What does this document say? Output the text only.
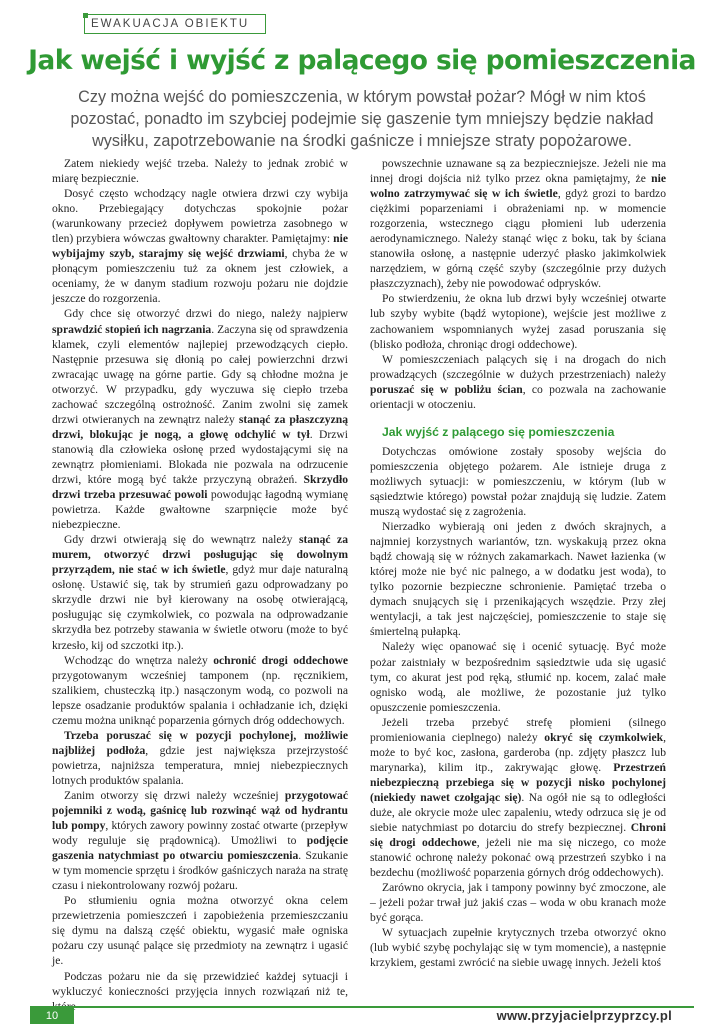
EWAKUACJA OBIEKTU
Jak wejść i wyjść z palącego się pomieszczenia

Czy można wejść do pomieszczenia, w którym powstał pożar? Mógł w nim ktoś pozostać, ponadto im szybciej podejmie się gaszenie tym mniejszy będzie nakład wysiłku, zapotrzebowanie na środki gaśnicze i mniejsze straty popożarowe.

Zatem niekiedy wejść trzeba. Należy to jednak zrobić w miarę bezpiecznie.

Dosyć często wchodzący nagle otwiera drzwi czy wybija okno. Przebiegający dotychczas spokojnie pożar (warunkowany przecież dopływem powietrza zasobnego w tlen) przybiera wówczas gwałtowny charakter. Pamiętajmy: nie wybijajmy szyb, starajmy się wejść drzwiami, chyba że w płonącym pomieszczeniu tuż za oknem jest człowiek, a oceniamy, że w danym stadium rozwoju pożaru nie dojdzie jeszcze do rozgorzenia.

Gdy chce się otworzyć drzwi do niego, należy najpierw sprawdzić stopień ich nagrzania. Zaczyna się od sprawdzenia klamek, czyli elementów najlepiej przewodzących ciepło. Następnie przesuwa się dłonią po całej powierzchni drzwi zwracając uwagę na górne partie. Gdy są chłodne można je otworzyć. W przypadku, gdy wyczuwa się ciepło trzeba zachować szczególną ostrożność. Zanim zwolni się zamek drzwi otwieranych na zewnątrz należy stanąć za płaszczyzną drzwi, blokując je nogą, a głowę odchylić w tył. Drzwi stanowią dla człowieka osłonę przed wydostającymi się na zewnątrz płomieniami. Blokada nie pozwala na odrzucenie drzwi, które mogą być także przyczyną obrażeń. Skrzydło drzwi trzeba przesuwać powoli powodując łagodną wymianę powietrza. Każde gwałtowne szarpnięcie może być niebezpieczne.

Gdy drzwi otwierają się do wewnątrz należy stanąć za murem, otworzyć drzwi posługując się dowolnym przyrządem, nie stać w ich świetle, gdyż mur daje naturalną osłonę. Ustawić się, tak by strumień gazu odprowadzany po skrzydle drzwi nie był kierowany na osobę otwierającą, posługując się czymkolwiek, co pozwala na odprowadzanie skrzydła bez potrzeby stawania w świetle otworu (może to być krzesło, kij od szczotki itp.).

Wchodząc do wnętrza należy ochronić drogi oddechowe przygotowanym wcześniej tamponem (np. ręcznikiem, szalikiem, chusteczką itp.) nasączonym wodą, co pozwoli na lepsze osadzanie produktów spalania i ochładzanie ich, dzięki czemu można uniknąć poparzenia górnych dróg oddechowych.

Trzeba poruszać się w pozycji pochylonej, możliwie najbliżej podłoża, gdzie jest największa przejrzystość powietrza, najniższa temperatura, mniej niebezpiecznych lotnych produktów spalania.

Zanim otworzy się drzwi należy wcześniej przygotować pojemniki z wodą, gaśnicę lub rozwinąć wąż od hydrantu lub pompy, których zawory powinny zostać otwarte (przepływ wody reguluje się prądownicą). Umożliwi to podjęcie gaszenia natychmiast po otwarciu pomieszczenia. Szukanie w tym momencie sprzętu i środków gaśniczych naraża na stratę czasu i niekontrolowany rozwój pożaru.

Po stłumieniu ognia można otworzyć okna celem przewietrzenia pomieszczeń i zapobieżenia przemieszczaniu się dymu na dalszą część obiektu, wygasić małe ogniska pożaru czy usunąć palące się przedmioty na zewnątrz i ugasić je.

Podczas pożaru nie da się przewidzieć każdej sytuacji i wykluczyć konieczności przyjęcia innych rozwiązań niż te,

powszechnie uznawane są za bezpieczniejsze. Jeżeli nie ma innej drogi dojścia niż tylko przez okna pamiętajmy, że nie wolno zatrzymywać się w ich świetle, gdyż grozi to bardzo ciężkimi poparzeniami i obrażeniami np. w momencie rozgorzenia, wstecznego ciągu płomieni lub uderzenia aerodynamicznego. Należy stanąć więc z boku, tak by ściana stanowiła osłonę, a następnie uderzyć płasko jakimkolwiek narzędziem, w górną część szyby (szczególnie przy dużych płaszczyznach), żeby nie powodować odprysków.

Po stwierdzeniu, że okna lub drzwi były wcześniej otwarte lub szyby wybite (bądź wytopione), wejście jest możliwe z zachowaniem wspomnianych wyżej zasad poruszania się (blisko podłoża, chroniąc drogi oddechowe).

W pomieszczeniach palących się i na drogach do nich prowadzących (szczególnie w dużych przestrzeniach) należy poruszać się w pobliżu ścian, co pozwala na zachowanie orientacji w otoczeniu.

Jak wyjść z palącego się pomieszczenia

Dotychczas omówione zostały sposoby wejścia do pomieszczenia objętego pożarem. Ale istnieje druga z możliwych sytuacji: w pomieszczeniu, w którym (lub w sąsiedztwie którego) powstał pożar znajdują się ludzie. Zatem muszą wydostać się z zagrożenia.

Nierzadko wybierają oni jeden z dwóch skrajnych, a najmniej korzystnych wariantów, tzn. wyskakują przez okna bądź chowają się w różnych zakamarkach. Nawet łazienka (w której może nie być nic palnego, a w dodatku jest woda), to tylko pozornie bezpieczne schronienie. Pamiętać trzeba o dymach snujących się i przenikających wszędzie. Przy złej wentylacji, a tak jest najczęściej, pomieszczenie to staje się śmiertelną pułapką.

Należy więc opanować się i ocenić sytuację. Być może pożar zaistniały w bezpośrednim sąsiedztwie uda się ugasić tym, co akurat jest pod ręką, stłumić np. kocem, zalać małe ognisko wodą, ale możliwe, że pozostanie już tylko opuszczenie pomieszczenia.

Jeżeli trzeba przebyć strefę płomieni (silnego promieniowania cieplnego) należy okryć się czymkolwiek, może to być koc, zasłona, garderoba (np. zdjęty płaszcz lub marynarka), kilim itp., zakrywając głowę. Przestrzeń niebezpieczną przebiega się w pozycji nisko pochylonej (niekiedy nawet czołgając się). Na ogół nie są to odległości duże, ale okrycie może ulec zapaleniu, wtedy odrzuca się je od siebie natychmiast po dotarciu do strefy bezpiecznej. Chroni się drogi oddechowe, jeżeli nie ma się niczego, co może stanowić ochronę należy pokonać ową przestrzeń szybko i na bezdechu (możliwość poparzenia górnych dróg oddechowych).

Zarówno okrycia, jak i tampony powinny być zmoczone, ale – jeżeli pożar trwał już jakiś czas – woda w obu kranach może być gorąca.

W sytuacjach zupełnie krytycznych trzeba otworzyć okno (lub wybić szybę pochylając się w tym momencie), a następnie krzykiem, gestami zwrócić na siebie uwagę innych. Jeżeli ktoś

10	www.przyjacielprzyprzcy.pl
